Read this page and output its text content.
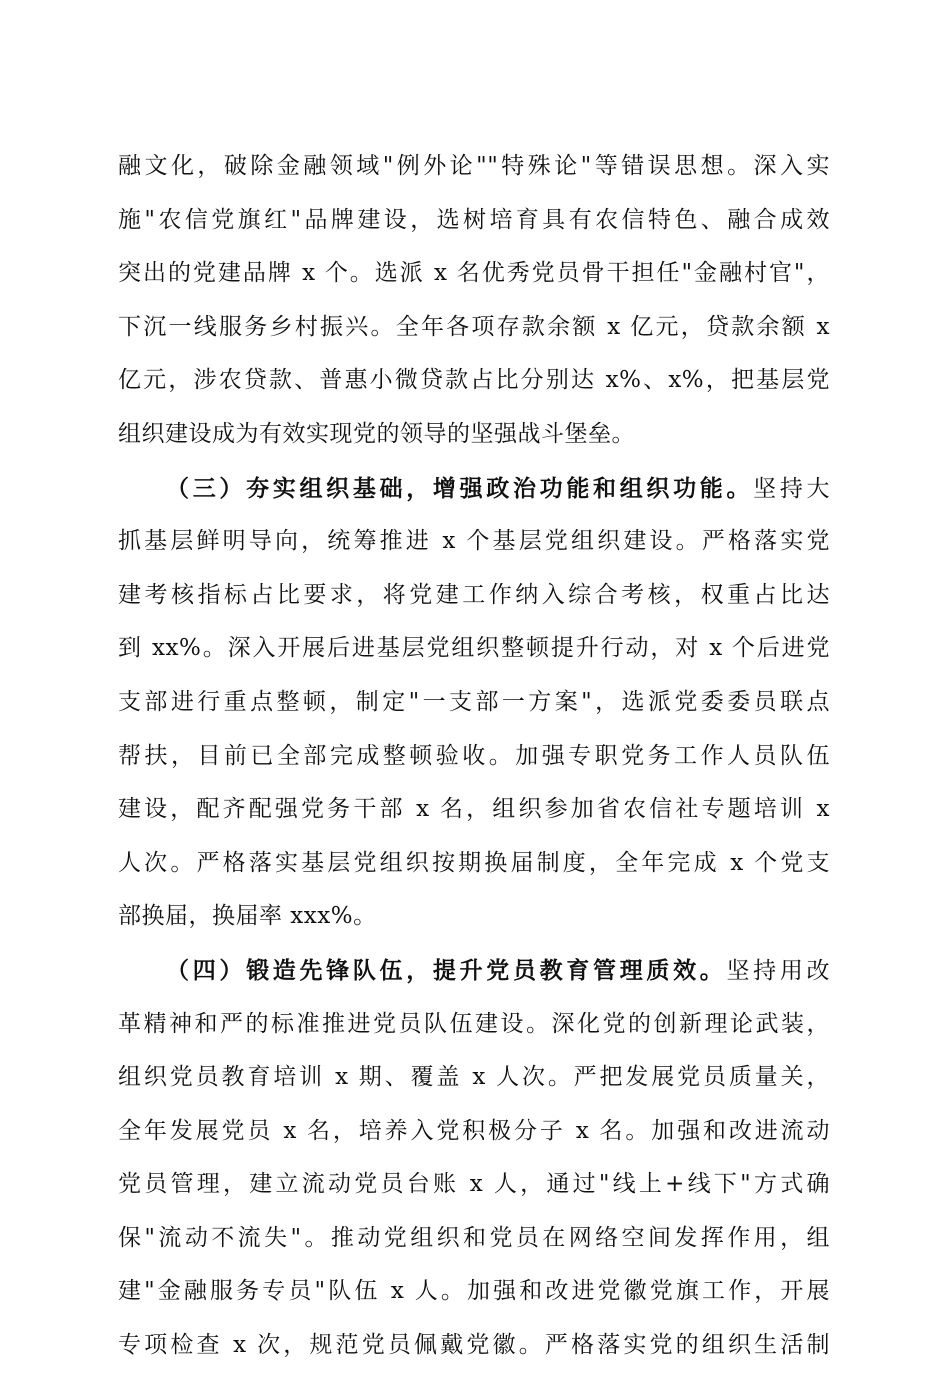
融文化，破除金融领域"例外论""特殊论"等错误思想。深入实
施"农信党旗红"品牌建设，选树培育具有农信特色、融合成效
突出的党建品牌 x 个。选派 x 名优秀党员骨干担任"金融村官"，
下沉一线服务乡村振兴。全年各项存款余额 x 亿元，贷款余额 x
亿元，涉农贷款、普惠小微贷款占比分别达 x%、x%，把基层党
组织建设成为有效实现党的领导的坚强战斗堡垒。
（三）夯实组织基础，增强政治功能和组织功能。坚持大
抓基层鲜明导向，统筹推进 x 个基层党组织建设。严格落实党
建考核指标占比要求，将党建工作纳入综合考核，权重占比达
到 xx%。深入开展后进基层党组织整顿提升行动，对 x 个后进党
支部进行重点整顿，制定"一支部一方案"，选派党委委员联点
帮扶，目前已全部完成整顿验收。加强专职党务工作人员队伍
建设，配齐配强党务干部 x 名，组织参加省农信社专题培训 x
人次。严格落实基层党组织按期换届制度，全年完成 x 个党支
部换届，换届率 xxx%。
（四）锻造先锋队伍，提升党员教育管理质效。坚持用改
革精神和严的标准推进党员队伍建设。深化党的创新理论武装，
组织党员教育培训 x 期、覆盖 x 人次。严把发展党员质量关，
全年发展党员 x 名，培养入党积极分子 x 名。加强和改进流动
党员管理，建立流动党员台账 x 人，通过"线上+线下"方式确
保"流动不流失"。推动党组织和党员在网络空间发挥作用，组
建"金融服务专员"队伍 x 人。加强和改进党徽党旗工作，开展
专项检查 x 次，规范党员佩戴党徽。严格落实党的组织生活制
